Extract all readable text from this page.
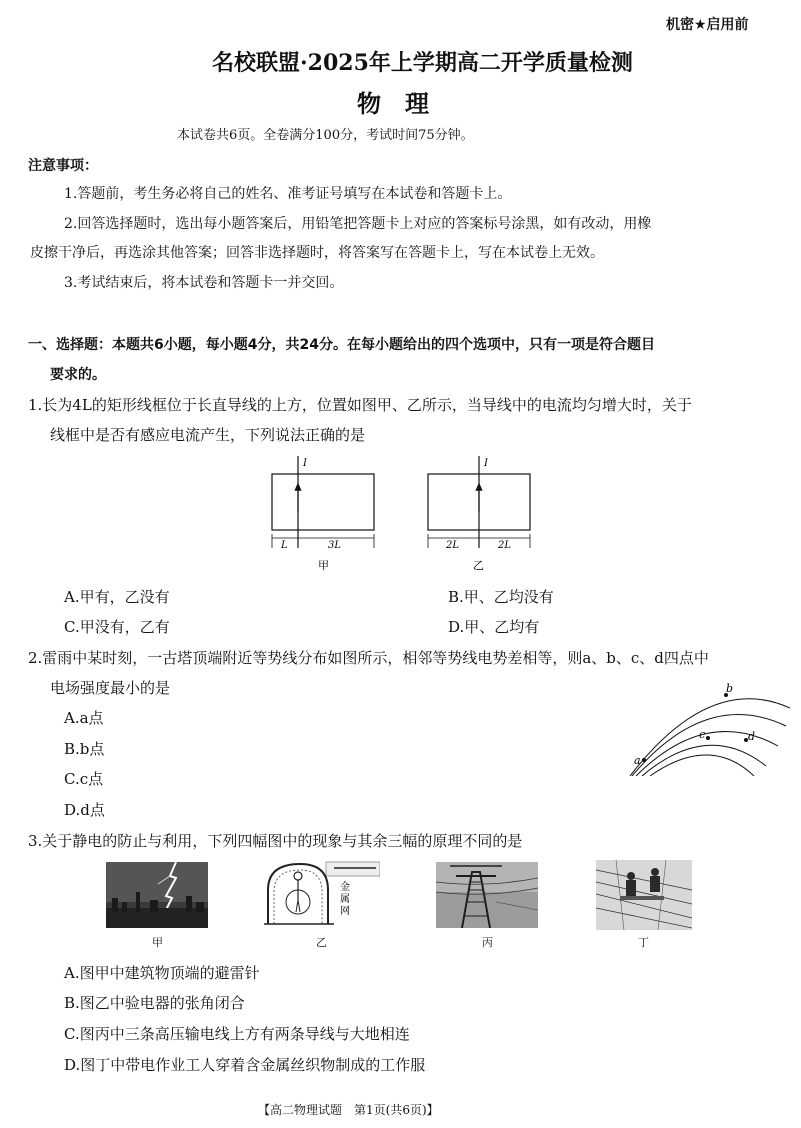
机密★启用前
名校联盟·2025年上学期高二开学质量检测
物　理
本试卷共6页。全卷满分100分，考试时间75分钟。
注意事项：
1.答题前，考生务必将自己的姓名、准考证号填写在本试卷和答题卡上。
2.回答选择题时，选出每小题答案后，用铅笔把答题卡上对应的答案标号涂黑，如有改动，用橡
皮擦干净后，再选涂其他答案；回答非选择题时，将答案写在答题卡上，写在本试卷上无效。
3.考试结束后，将本试卷和答题卡一并交回。
一、选择题：本题共6小题，每小题4分，共24分。在每小题给出的四个选项中，只有一项是符合题目
要求的。
1.长为4L的矩形线框位于长直导线的上方，位置如图甲、乙所示，当导线中的电流均匀增大时，关于
线框中是否有感应电流产生，下列说法正确的是
I
L	3L
甲
I
2L	2L
乙
A.甲有，乙没有	B.甲、乙均没有
C.甲没有，乙有	D.甲、乙均有
2.雷雨中某时刻，一古塔顶端附近等势线分布如图所示，相邻等势线电势差相等，则a、b、c、d四点中
电场强度最小的是
A.a点
B.b点
C.c点
D.d点
b
c	d
a
3.关于静电的防止与利用，下列四幅图中的现象与其余三幅的原理不同的是
甲
金
属
网
乙	丙	丁
A.图甲中建筑物顶端的避雷针
B.图乙中验电器的张角闭合
C.图丙中三条高压输电线上方有两条导线与大地相连
D.图丁中带电作业工人穿着含金属丝织物制成的工作服
【高二物理试题　第1页(共6页)】
